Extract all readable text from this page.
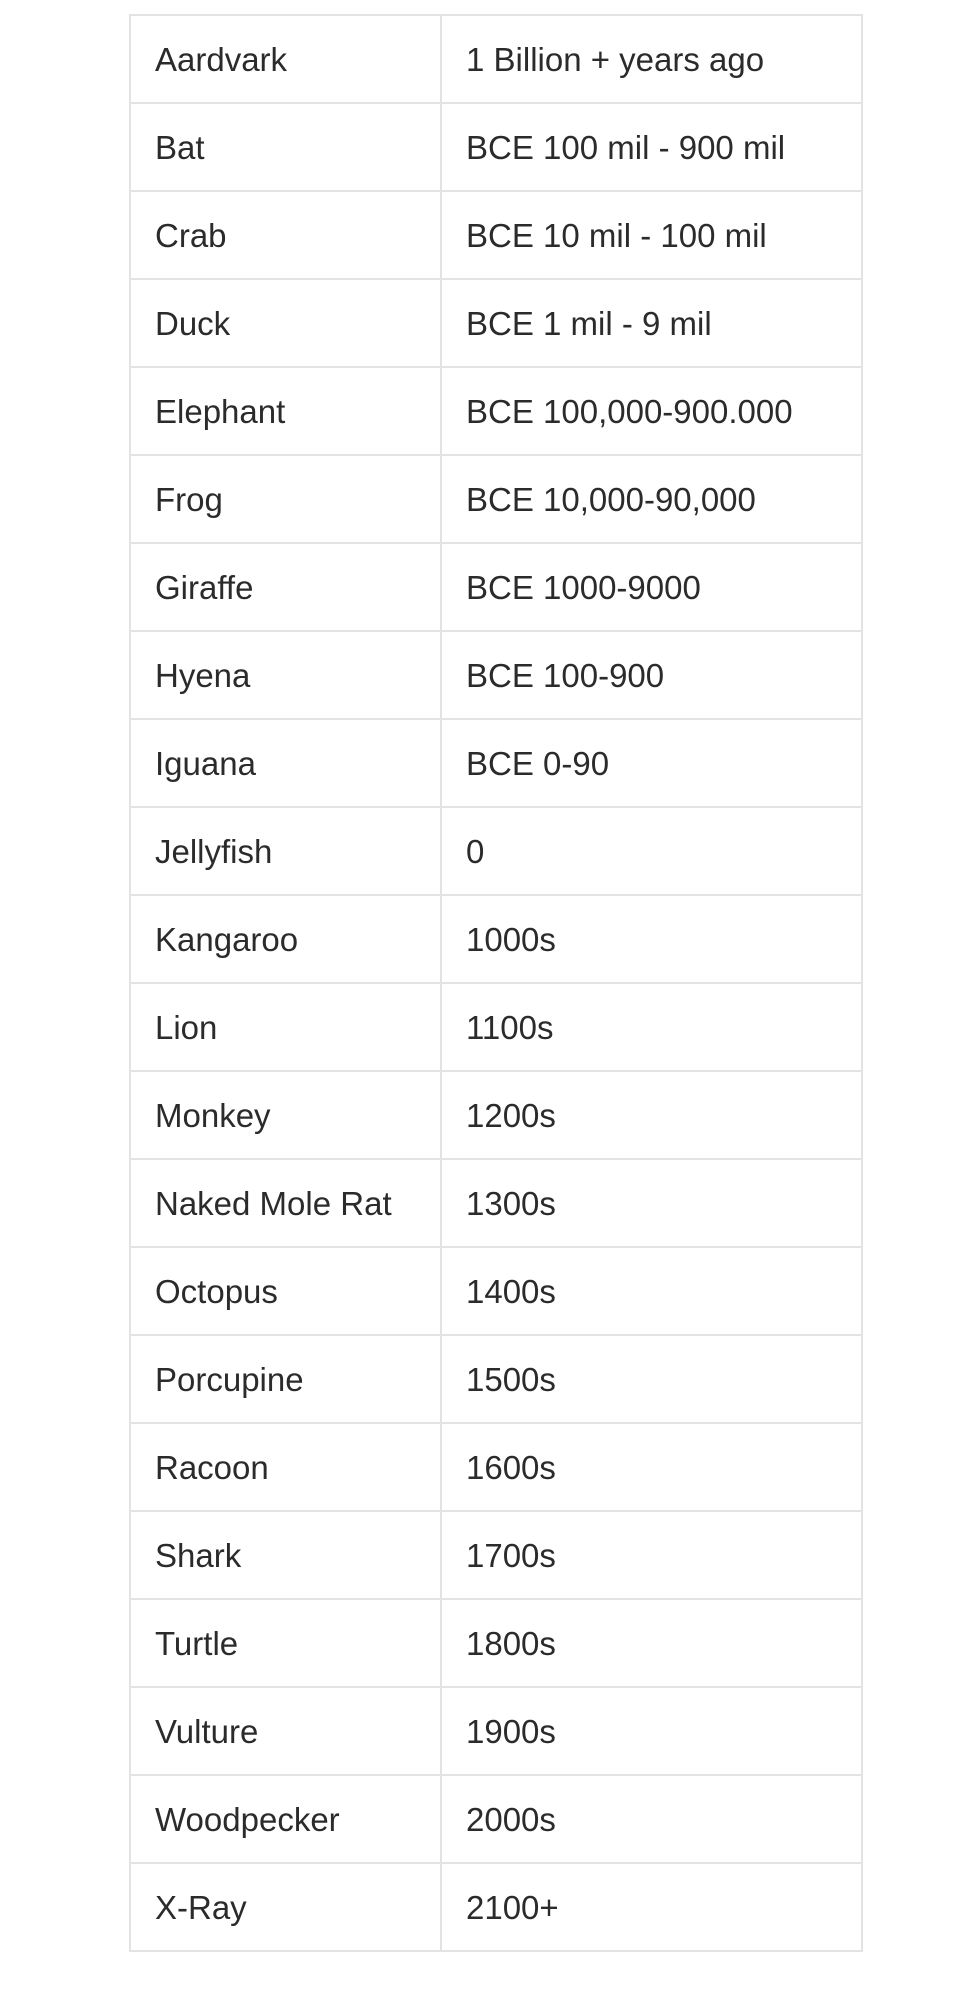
Aardvark	1 Billion + years ago
Bat	BCE 100 mil - 900 mil
Crab	BCE 10 mil - 100 mil
Duck	BCE 1 mil - 9 mil
Elephant	BCE 100,000-900.000
Frog	BCE 10,000-90,000
Giraffe	BCE 1000-9000
Hyena	BCE 100-900
Iguana	BCE 0-90
Jellyfish	0
Kangaroo	1000s
Lion	1100s
Monkey	1200s
Naked Mole Rat	1300s
Octopus	1400s
Porcupine	1500s
Racoon	1600s
Shark	1700s
Turtle	1800s
Vulture	1900s
Woodpecker	2000s
X-Ray	2100+
